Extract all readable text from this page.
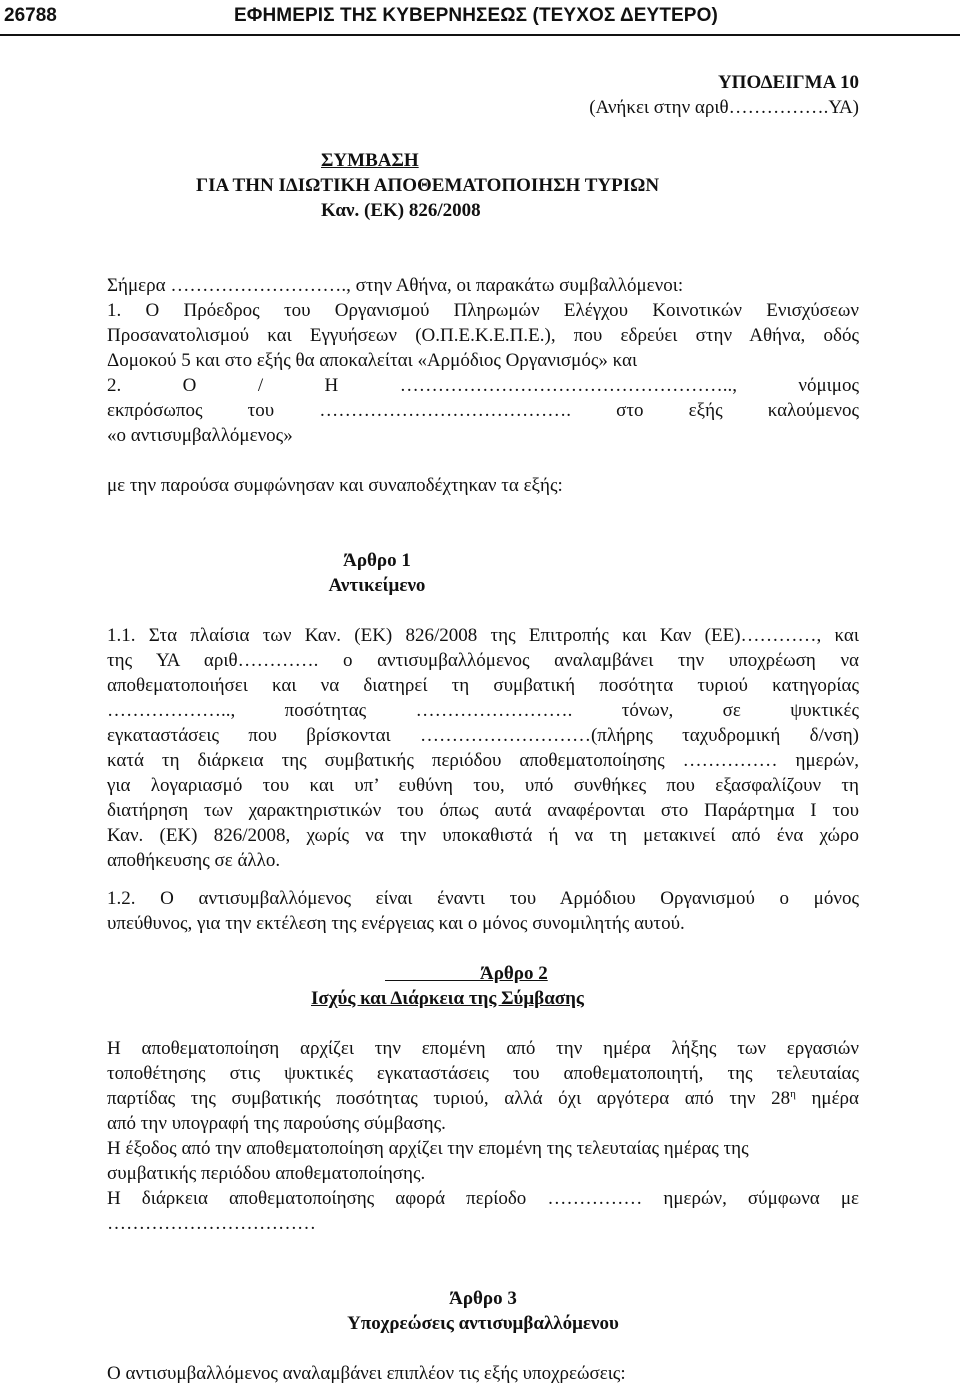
26788	ΕΦΗΜΕΡΙΣ ΤΗΣ ΚΥΒΕΡΝΗΣΕΩΣ (ΤΕΥΧΟΣ ΔΕΥΤΕΡΟ)
ΥΠΟΔΕΙΓΜΑ 10
(Ανήκει στην αριθ…………….ΥΑ)
ΣΥΜΒΑΣΗ
ΓΙΑ ΤΗΝ ΙΔΙΩΤΙΚΗ ΑΠΟΘΕΜΑΤΟΠΟΙΗΣΗ ΤΥΡΙΩΝ
Καν. (ΕΚ) 826/2008
Σήμερα ………………………., στην Αθήνα, οι παρακάτω συμβαλλόμενοι:
1. Ο Πρόεδρος του Οργανισμού Πληρωμών Ελέγχου Κοινοτικών Ενισχύσεων
Προσανατολισμού και Εγγυήσεων (Ο.Π.Ε.Κ.Ε.Π.Ε.), που εδρεύει στην Αθήνα, οδός
Δομοκού 5 και στο εξής θα αποκαλείται «Αρμόδιος Οργανισμός» και
2. Ο / Η …………………………………………….., νόμιμος
εκπρόσωπος του …………………………………. στο εξής καλούμενος
«ο αντισυμβαλλόμενος»
με την παρούσα συμφώνησαν και συναποδέχτηκαν τα εξής:
Άρθρο 1
Αντικείμενο
1.1. Στα πλαίσια των Καν. (ΕΚ) 826/2008 της Επιτροπής και Καν (ΕΕ)…………, και
της ΥΑ αριθ…………. ο αντισυμβαλλόμενος αναλαμβάνει την υποχρέωση να
αποθεματοποιήσει και να διατηρεί τη συμβατική ποσότητα τυριού κατηγορίας
……………….., ποσότητας ……………………. τόνων, σε ψυκτικές
εγκαταστάσεις που βρίσκονται ………………………(πλήρης ταχυδρομική δ/νση)
κατά τη διάρκεια της συμβατικής περιόδου αποθεματοποίησης …………… ημερών,
για λογαριασμό του και υπ’ ευθύνη του, υπό συνθήκες που εξασφαλίζουν τη
διατήρηση των χαρακτηριστικών του όπως αυτά αναφέρονται στο Παράρτημα Ι του
Καν. (ΕΚ) 826/2008, χωρίς να την υποκαθιστά ή να τη μετακινεί από ένα χώρο
αποθήκευσης σε άλλο.
1.2. Ο αντισυμβαλλόμενος είναι έναντι του Αρμόδιου Οργανισμού ο μόνος
υπεύθυνος, για την εκτέλεση της ενέργειας και ο μόνος συνομιλητής αυτού.
Άρθρο 2
Ισχύς και Διάρκεια της Σύμβασης
Η αποθεματοποίηση αρχίζει την επομένη από την ημέρα λήξης των εργασιών
τοποθέτησης στις ψυκτικές εγκαταστάσεις του αποθεματοποιητή, της τελευταίας
παρτίδας της συμβατικής ποσότητας τυριού, αλλά όχι αργότερα από την $28^\eta$ ημέρα
από την υπογραφή της παρούσης σύμβασης.
Η έξοδος από την αποθεματοποίηση αρχίζει την επομένη της τελευταίας ημέρας της
συμβατικής περιόδου αποθεματοποίησης.
Η διάρκεια αποθεματοποίησης αφορά περίοδο …………… ημερών, σύμφωνα με
……………………………
Άρθρο 3
Υποχρεώσεις αντισυμβαλλόμενου
Ο αντισυμβαλλόμενος αναλαμβάνει επιπλέον τις εξής υποχρεώσεις:
